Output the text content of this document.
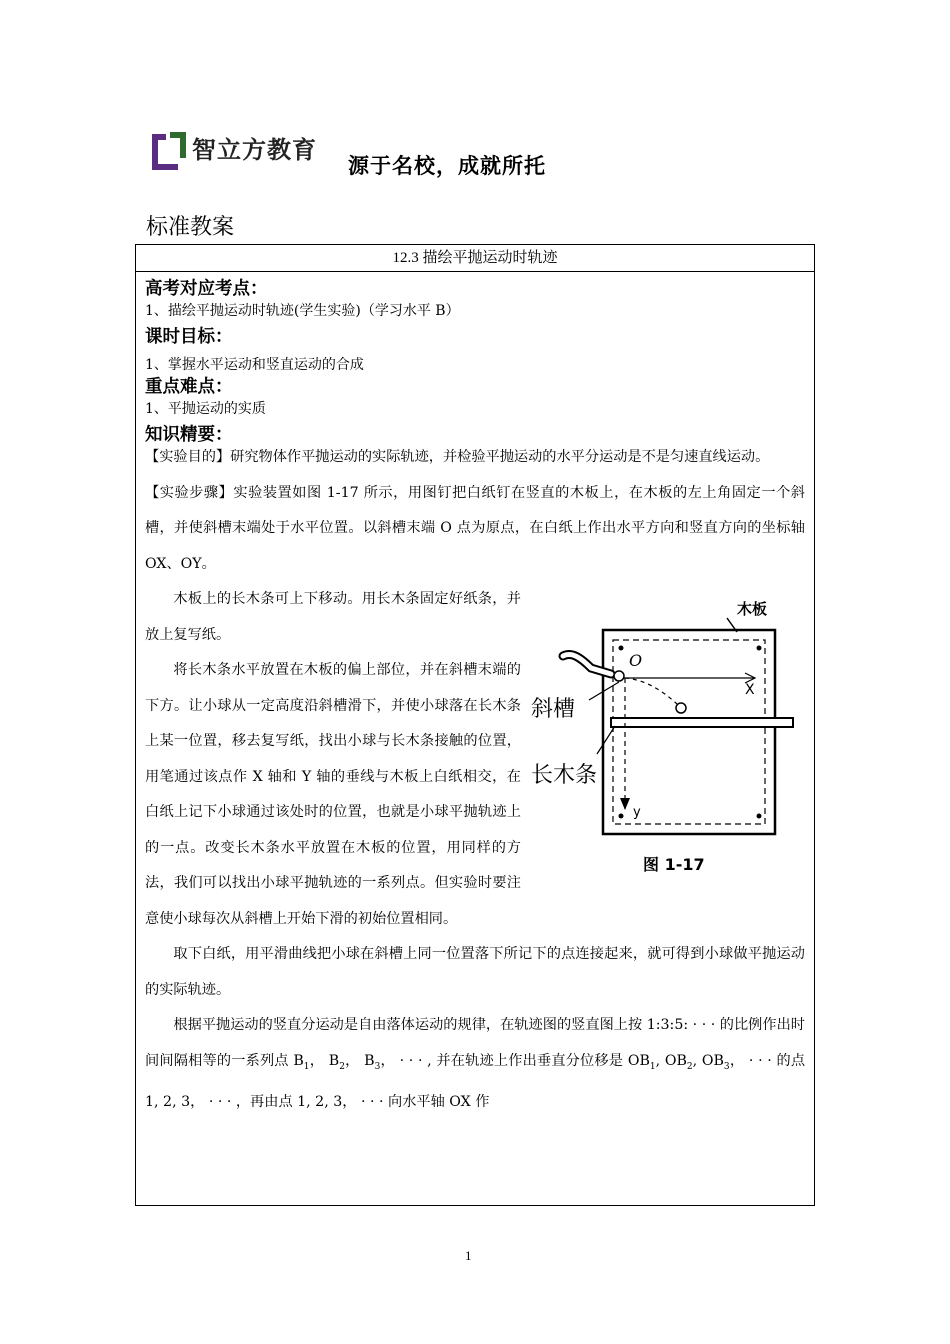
智立方教育
源于名校，成就所托
标准教案
12.3 描绘平抛运动时轨迹

高考对应考点：

1、描绘平抛运动时轨迹(学生实验)（学习水平 B）

课时目标：

1、掌握水平运动和竖直运动的合成

重点难点：

1、平抛运动的实质

知识精要：

【实验目的】研究物体作平抛运动的实际轨迹，并检验平抛运动的水平分运动是不是匀速直线运动。

【实验步骤】实验装置如图 1-17 所示，用图钉把白纸钉在竖直的木板上，在木板的左上角固定一个斜槽，并使斜槽末端处于水平位置。以斜槽末端 O 点为原点，在白纸上作出水平方向和竖直方向的坐标轴 OX、OY。

木板
O
X
y
斜槽
长木条
图 1-17

木板上的长木条可上下移动。用长木条固定好纸条，并放上复写纸。

将长木条水平放置在木板的偏上部位，并在斜槽末端的下方。让小球从一定高度沿斜槽滑下，并使小球落在长木条上某一位置，移去复写纸，找出小球与长木条接触的位置，用笔通过该点作 X 轴和 Y 轴的垂线与木板上白纸相交，在白纸上记下小球通过该处时的位置，也就是小球平抛轨迹上的一点。改变长木条水平放置在木板的位置，用同样的方法，我们可以找出小球平抛轨迹的一系列点。但实验时要注意使小球每次从斜槽上开始下滑的初始位置相同。

取下白纸，用平滑曲线把小球在斜槽上同一位置落下所记下的点连接起来，就可得到小球做平抛运动的实际轨迹。

根据平抛运动的竖直分运动是自由落体运动的规律，在轨迹图的竖直图上按 1:3:5: · · · 的比例作出时间间隔相等的一系列点 $B_1$， $B_2$， $B_3$， · · · , 并在轨迹上作出垂直分位移是 $OB_1$, $OB_2$, $OB_3$， · · · 的点 1, 2, 3， · · · ，再由点 1, 2, 3， · · · 向水平轴 OX 作

1
